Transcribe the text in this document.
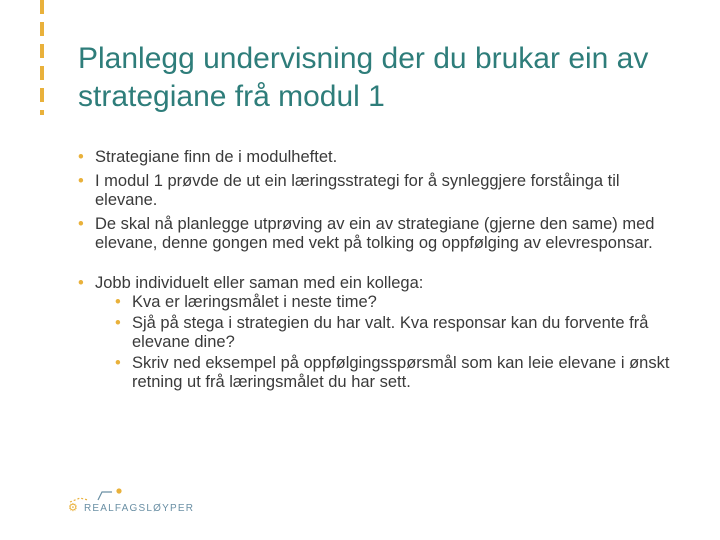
Planlegg undervisning der du brukar ein av strategiane frå modul 1
• Strategiane finn de i modulheftet.
• I modul 1 prøvde de ut ein læringsstrategi for å synleggjere forståinga til elevane.
• De skal nå planlegge utprøving av ein av strategiane (gjerne den same) med elevane, denne gongen med vekt på tolking og oppfølging av elevresponsar.
• Jobb individuelt eller saman med ein kollega:
• Kva er læringsmålet i neste time?
• Sjå på stega i strategien du har valt. Kva responsar kan du forvente frå elevane dine?
• Skriv ned eksempel på oppfølgingsspørsmål som kan leie elevane i ønskt retning ut frå læringsmålet du har sett.
⚙ REALFAGSLØYPER
